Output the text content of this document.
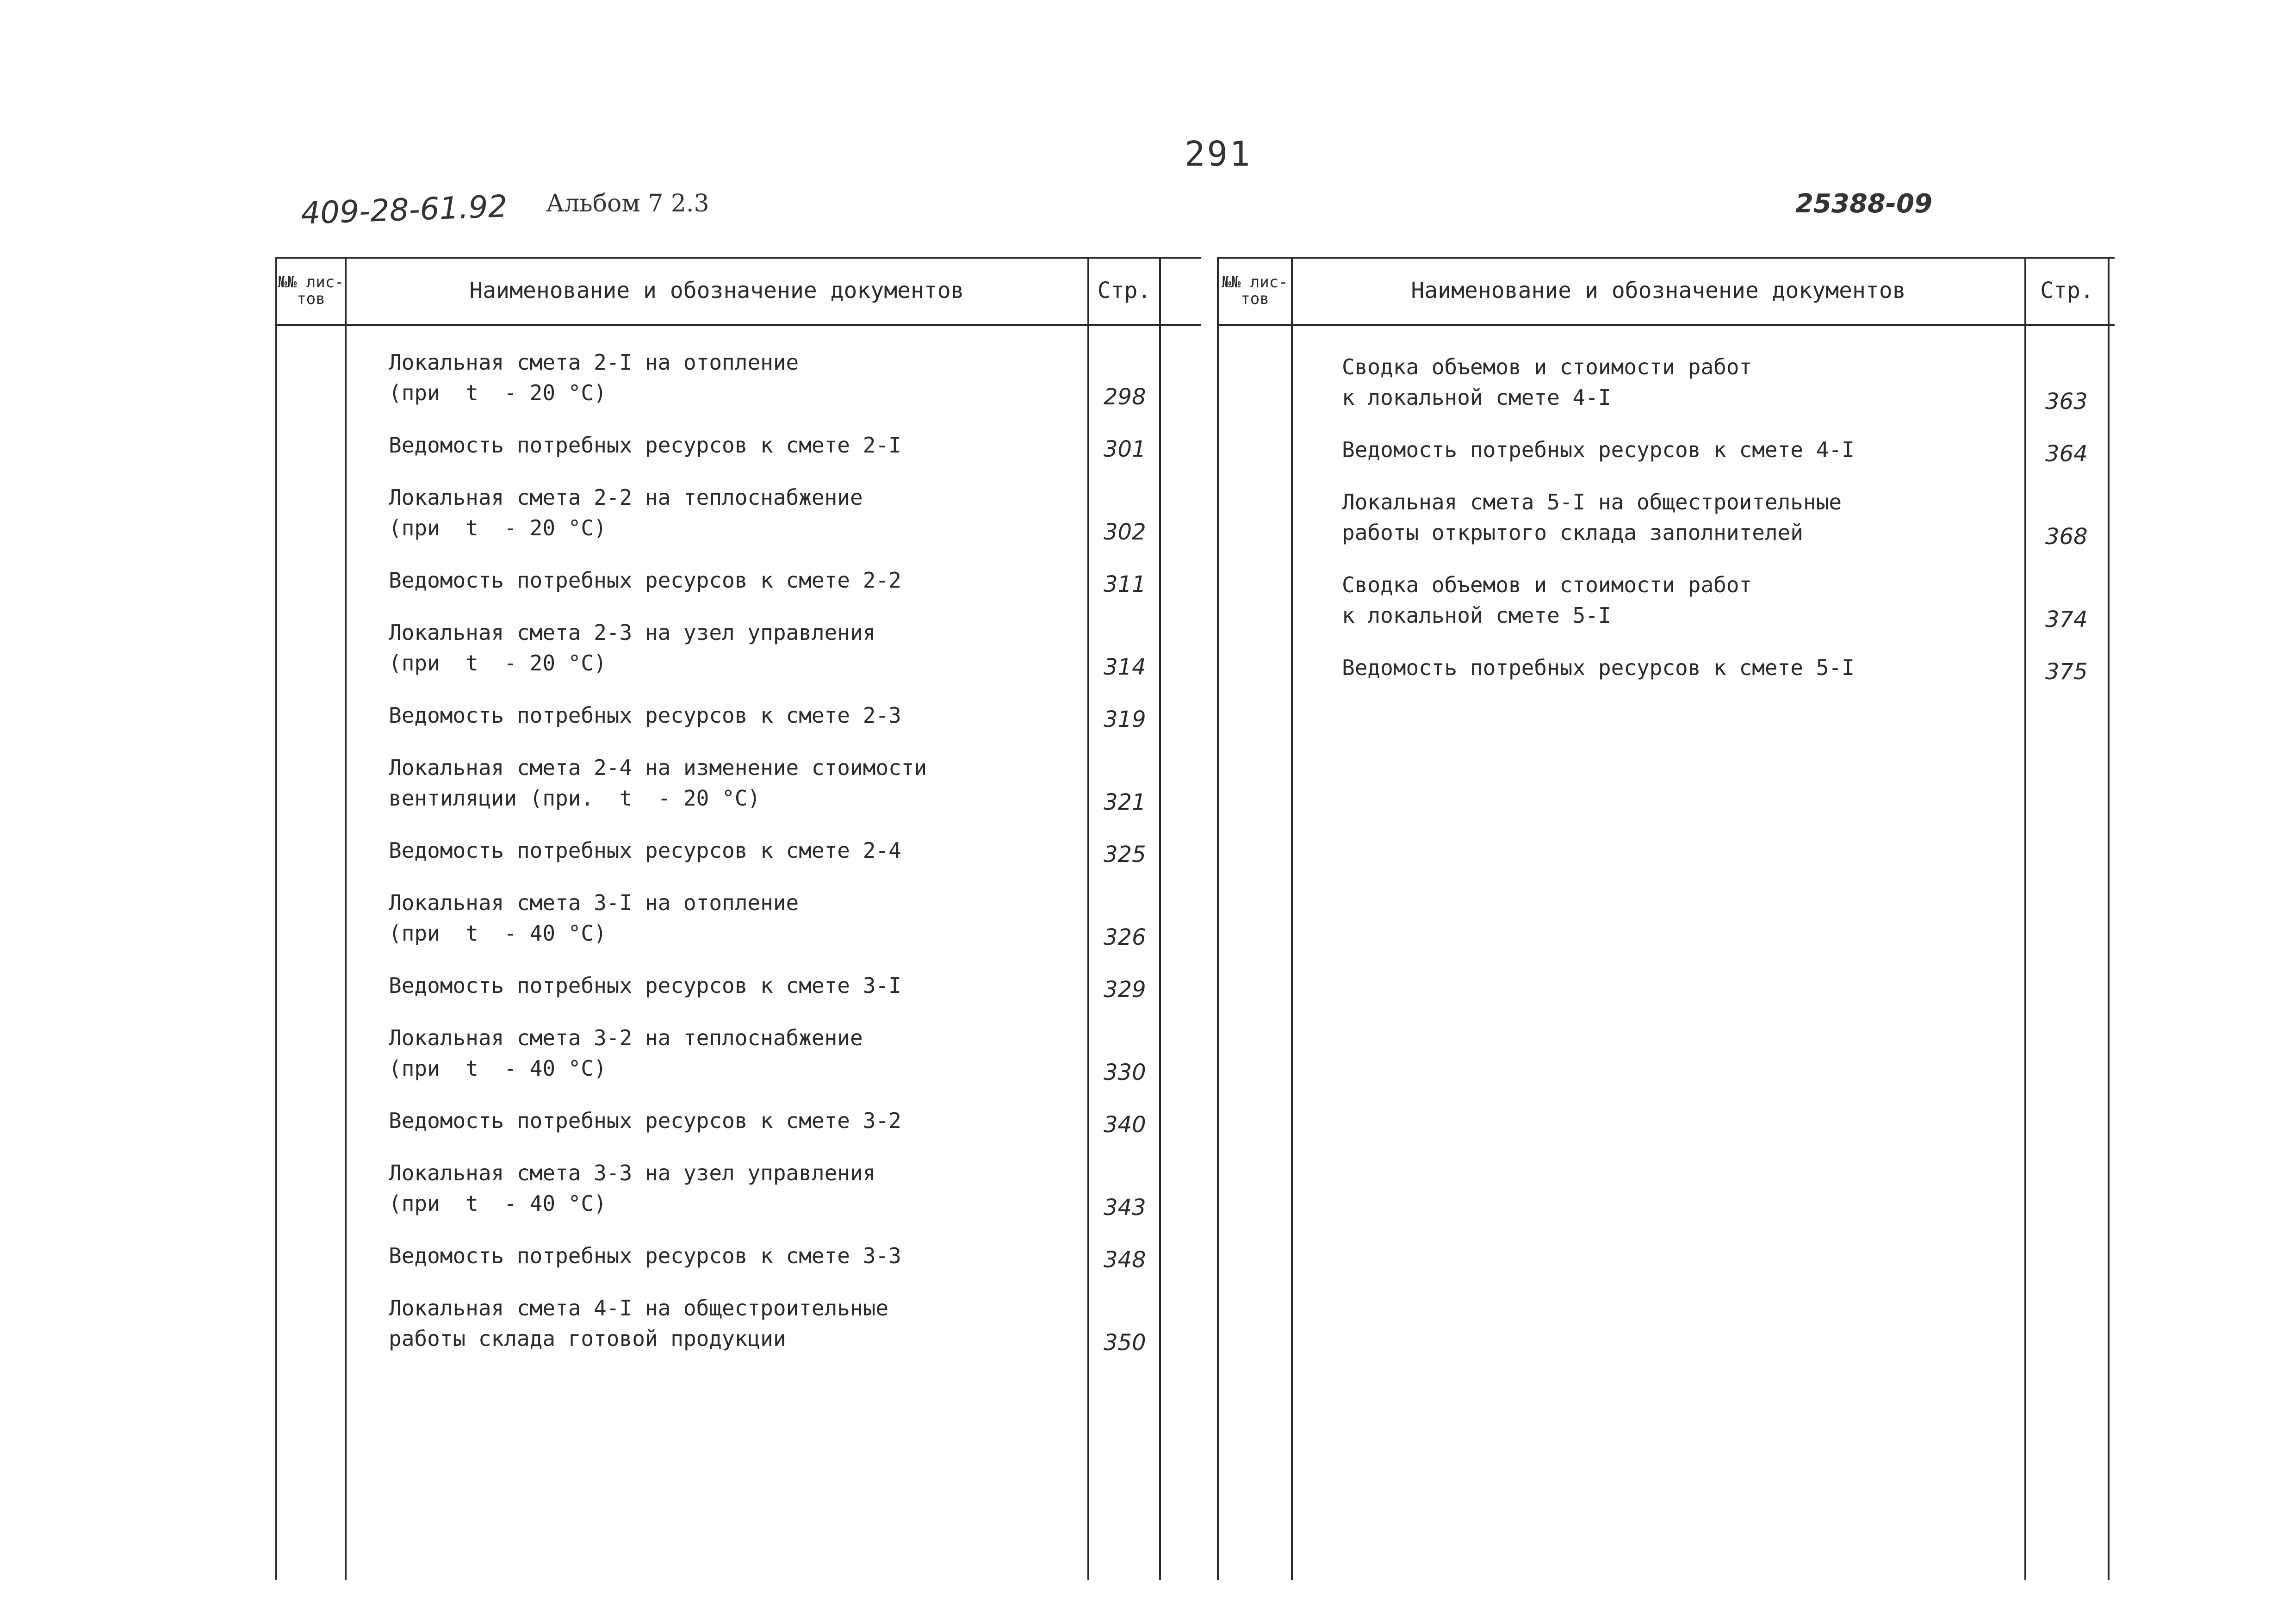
291
409-28-61.92 Альбом 7 2.3	25388-09
№№ лис-тов	Наименование и обозначение документов	Стр.
Локальная смета 2-I на отопление
(при  t  - 20 °C)	298
Ведомость потребных ресурсов к смете 2-I	301
Локальная смета 2-2 на теплоснабжение
(при  t  - 20 °C)	302
Ведомость потребных ресурсов к смете 2-2	311
Локальная смета 2-3 на узел управления
(при  t  - 20 °C)	314
Ведомость потребных ресурсов к смете 2-3	319
Локальная смета 2-4 на изменение стоимости
вентиляции (при.  t  - 20 °C)	321
Ведомость потребных ресурсов к смете 2-4	325
Локальная смета 3-I на отопление
(при  t  - 40 °C)	326
Ведомость потребных ресурсов к смете 3-I	329
Локальная смета 3-2 на теплоснабжение
(при  t  - 40 °C)	330
Ведомость потребных ресурсов к смете 3-2	340
Локальная смета 3-3 на узел управления
(при  t  - 40 °C)	343
Ведомость потребных ресурсов к смете 3-3	348
Локальная смета 4-I на общестроительные
работы склада готовой продукции	350
№№ лис-тов	Наименование и обозначение документов	Стр.
Сводка объемов и стоимости работ
к локальной смете 4-I	363
Ведомость потребных ресурсов к смете 4-I	364
Локальная смета 5-I на общестроительные
работы открытого склада заполнителей	368
Сводка объемов и стоимости работ
к локальной смете 5-I	374
Ведомость потребных ресурсов к смете 5-I	375
